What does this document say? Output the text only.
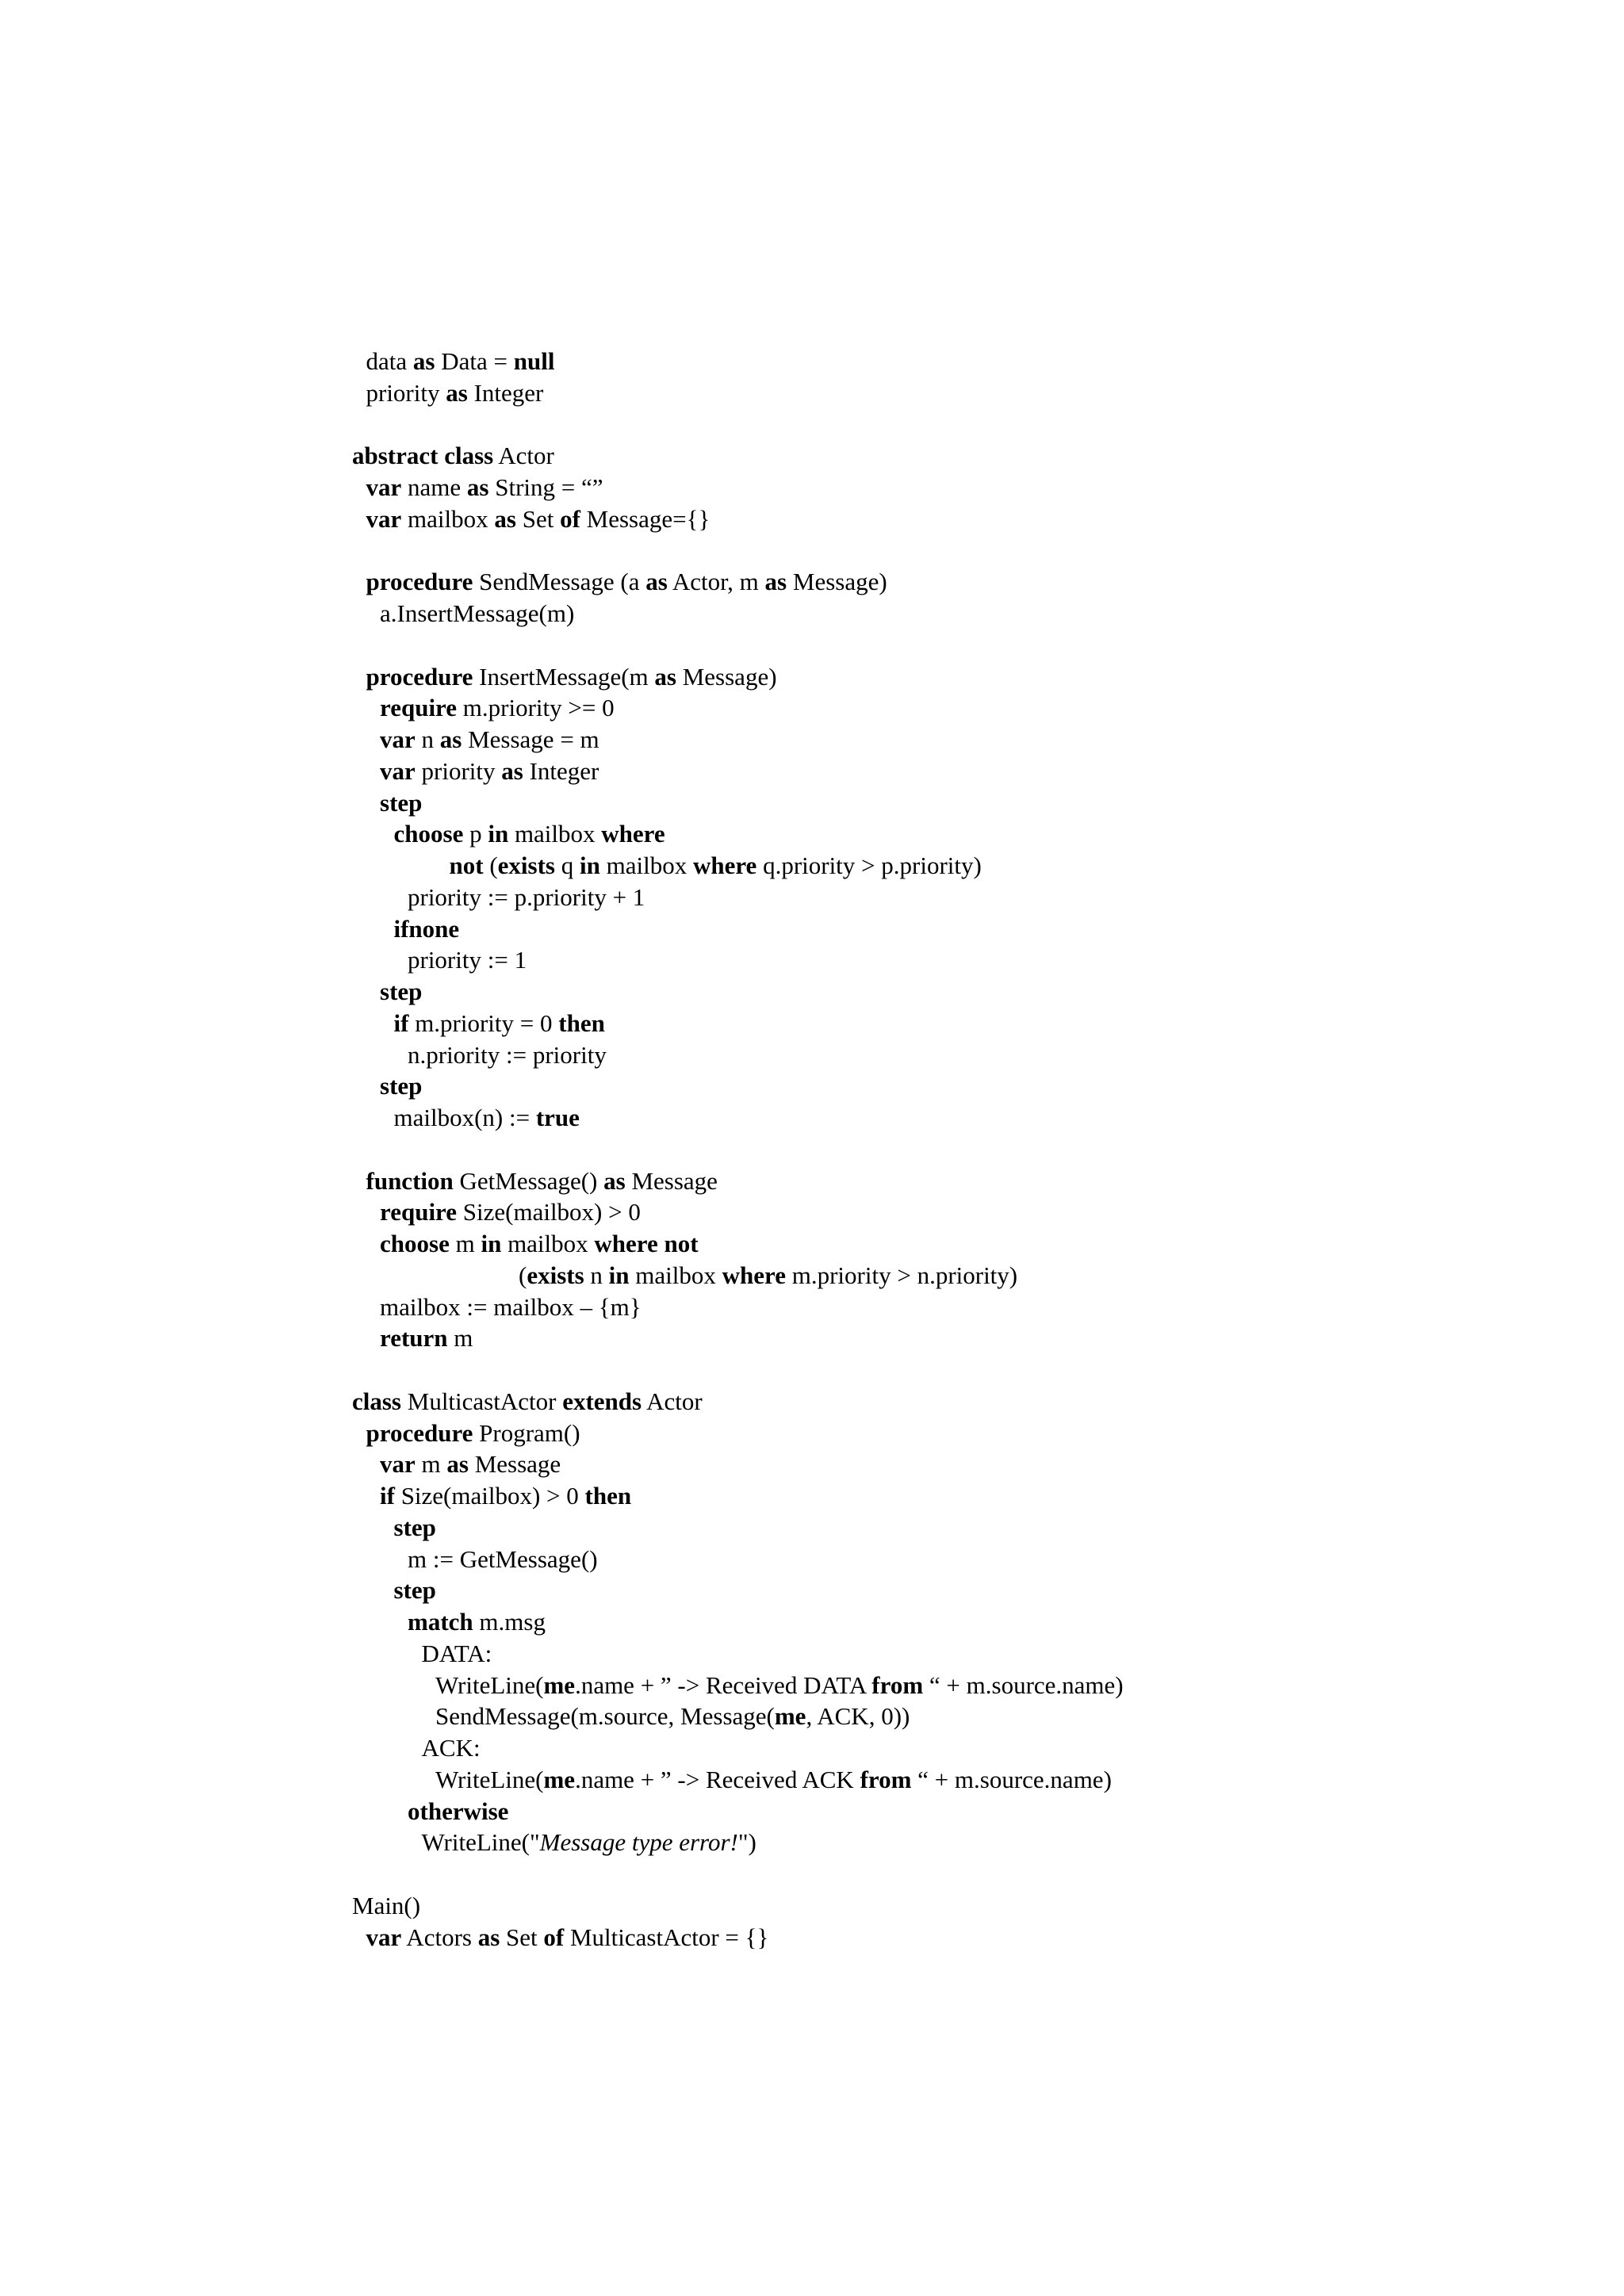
data as Data = null
priority as Integer
abstract class Actor
var name as String = “”
var mailbox as Set of Message={}
procedure SendMessage (a as Actor, m as Message)
a.InsertMessage(m)
procedure InsertMessage(m as Message)
require m.priority >= 0
var n as Message = m
var priority as Integer
step
choose p in mailbox where
not (exists q in mailbox where q.priority > p.priority)
priority := p.priority + 1
ifnone
priority := 1
step
if m.priority = 0 then
n.priority := priority
step
mailbox(n) := true
function GetMessage() as Message
require Size(mailbox) > 0
choose m in mailbox where not
(exists n in mailbox where m.priority > n.priority)
mailbox := mailbox – {m}
return m
class MulticastActor extends Actor
procedure Program()
var m as Message
if Size(mailbox) > 0 then
step
m := GetMessage()
step
match m.msg
DATA:
WriteLine(me.name + ” -> Received DATA from “ + m.source.name)
SendMessage(m.source, Message(me, ACK, 0))
ACK:
WriteLine(me.name + ” -> Received ACK from “ + m.source.name)
otherwise
WriteLine("Message type error!")
Main()
var Actors as Set of MulticastActor = {}
